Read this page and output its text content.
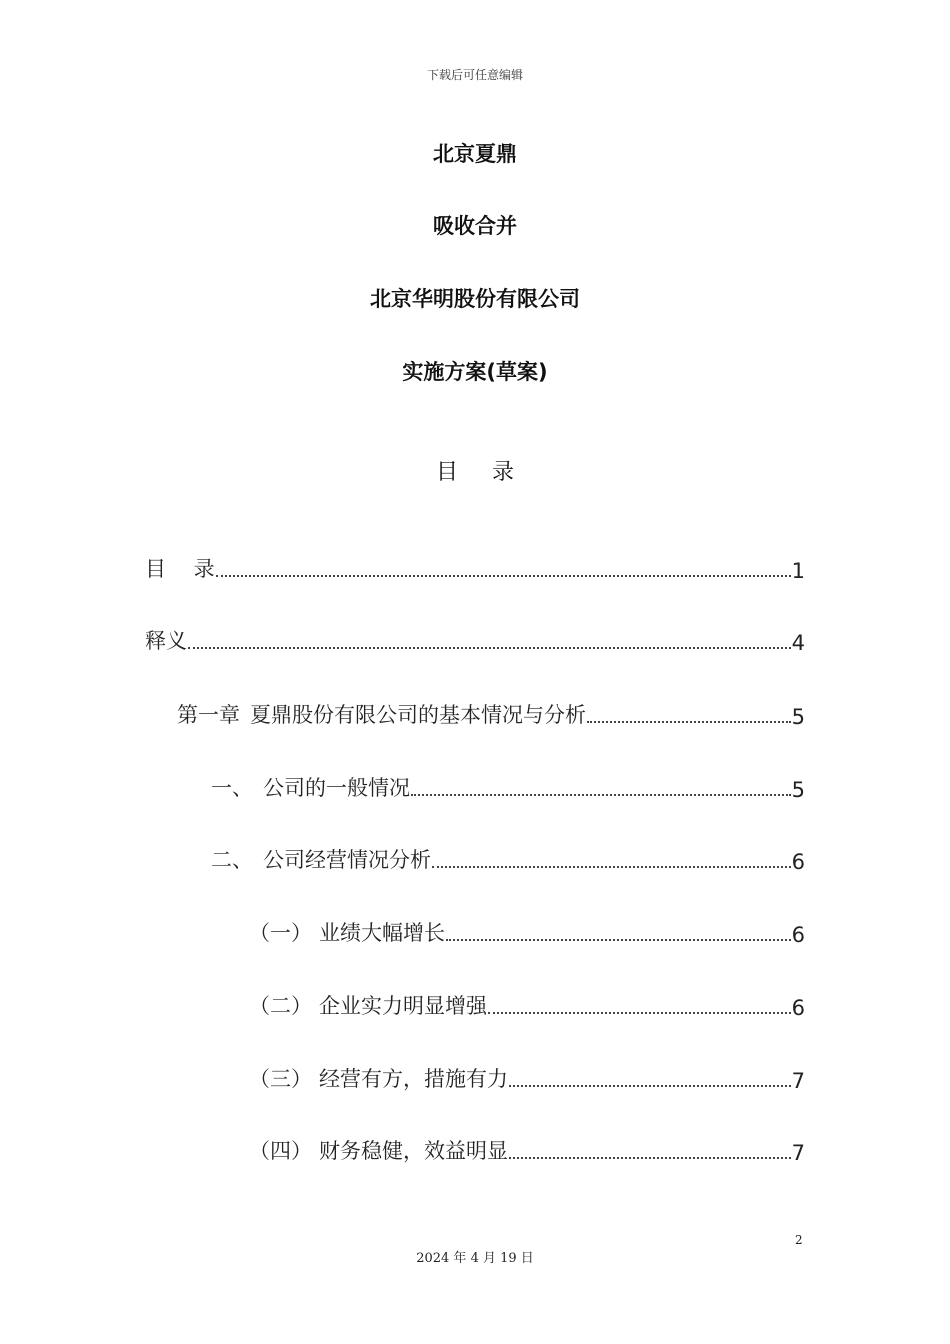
下载后可任意编辑
北京夏鼎
吸收合并
北京华明股份有限公司
实施方案(草案)
目 录
目　 录	1
释义	4
第一章 夏鼎股份有限公司的基本情况与分析	5
一、 公司的一般情况	5
二、 公司经营情况分析	6
（一） 业绩大幅增长	6
（二） 企业实力明显增强	6
（三） 经营有方，措施有力	7
（四） 财务稳健，效益明显	7
2
2024 年 4 月 19 日
